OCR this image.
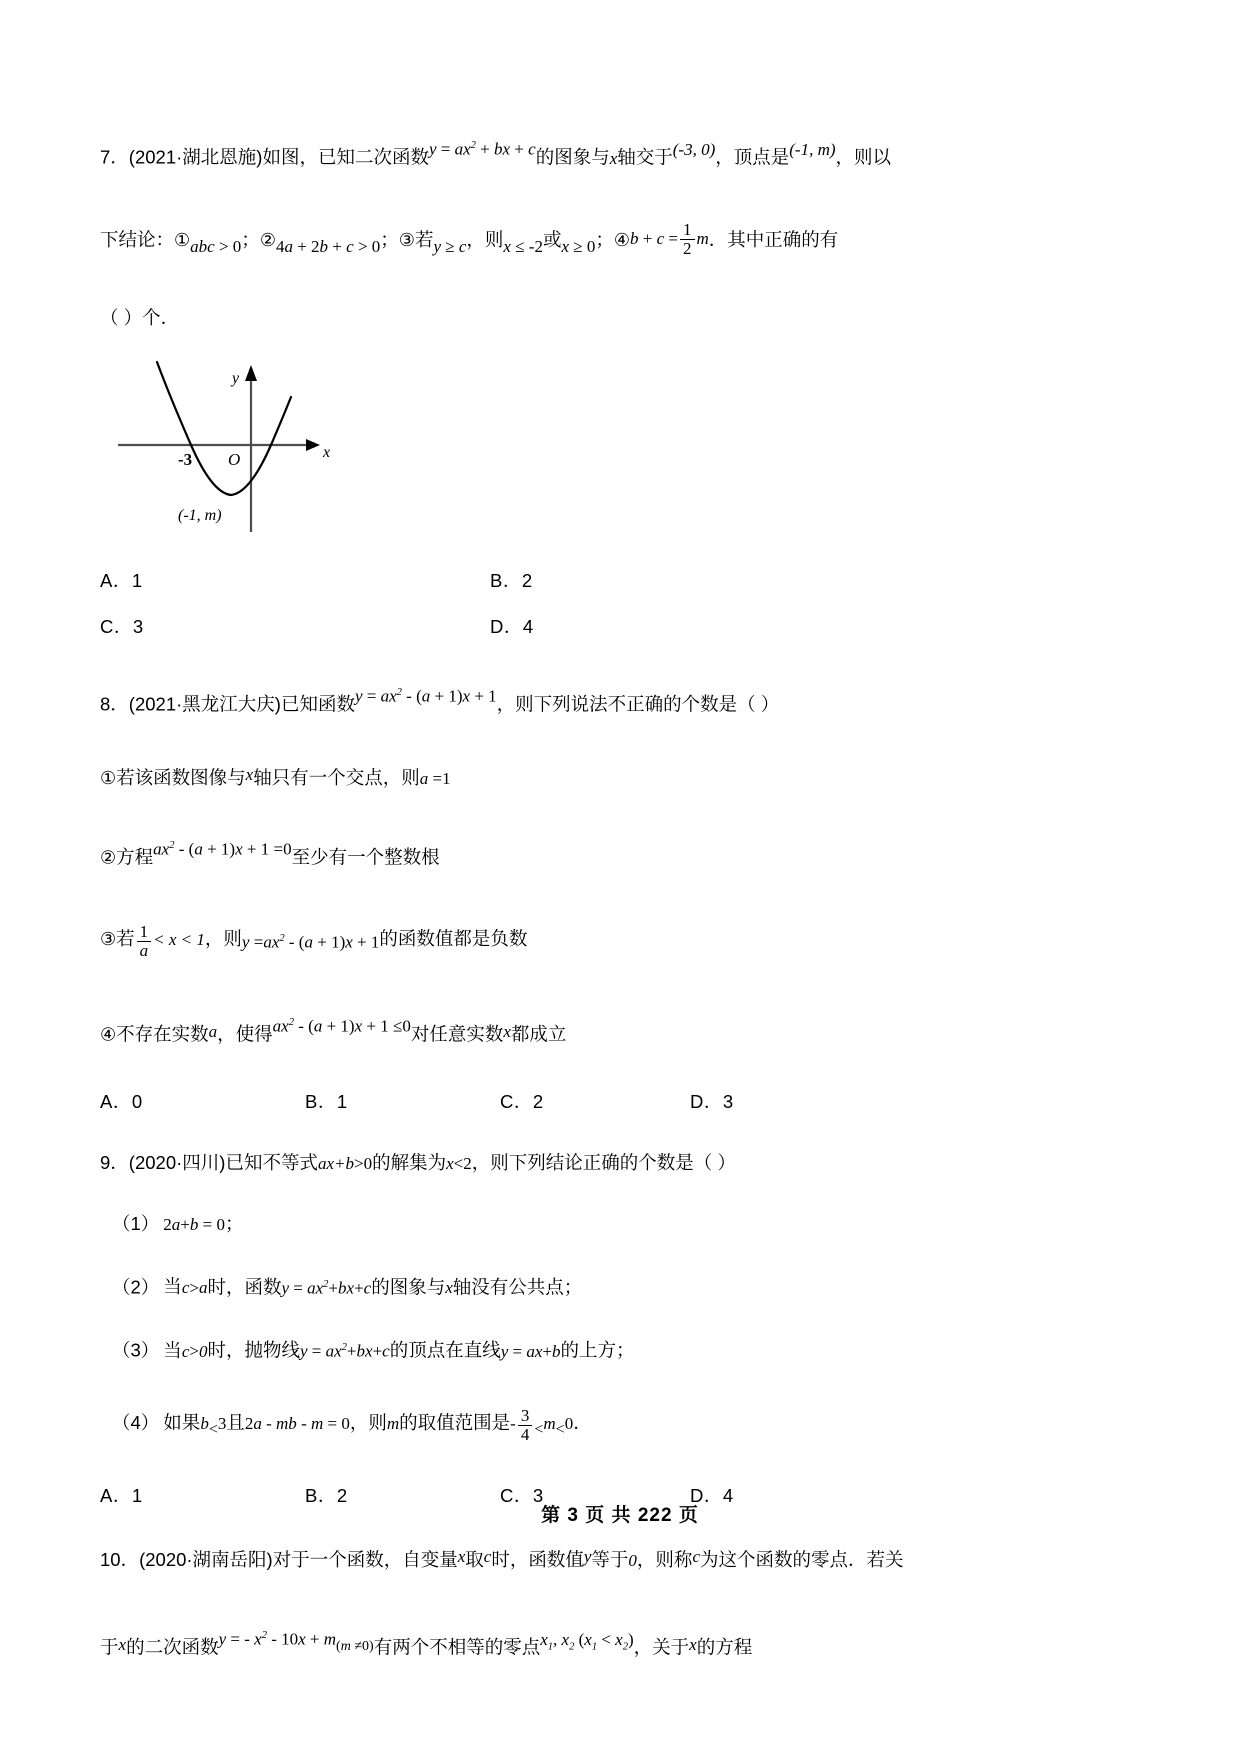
7．(2021·湖北恩施)如图，已知二次函数$y = ax^2$ + bx + c的图象与x轴交于(-3, 0)，顶点是(-1, m)，则以
下结论：①abc > 0；②4a + 2b + c > 0；③若y ≥ c，则x ≤ -2或x ≥ 0；④b + $c = \frac{1}{2}$ m．其中正确的有
（ ）个．
-3 O
y
x
(-1, m)
A．1	B．2
C．3	D．4
8．(2021·黑龙江大庆)已知函数$y = ax^2 - (a + 1)x + 1$，则下列说法不正确的个数是（ ）
①若该函数图像与x轴只有一个交点，则a =1
②方程$ax^2 - (a + 1)x + 1 =0$至少有一个整数根
③若 $\frac{1}{a} < x < 1$，则$y =ax^2 - (a + 1)x + 1$的函数值都是负数
④不存在实数a，使得$ax^2 - (a + 1)x + 1 \le 0$对任意实数x都成立
A．0	B．1	C．2	D．3
9．(2020·四川)已知不等式ax+b>0的解集为x<2，则下列结论正确的个数是（ ）
（1） 2a+b = 0；
（2） 当c>a时，函数$y = ax^2+bx+c$的图象与x轴没有公共点；
（3） 当c>0时，抛物线$y = ax^2+bx+c$的顶点在直线y = ax+b的上方；
（4） 如果b<3且2a - mb - m = 0，则m的取值范围是- $\frac{3}{4} <m<0$．
A．1	B．2	C．3	D．4
10．(2020·湖南岳阳)对于一个函数，自变量x取c时，函数值y等于0，则称c为这个函数的零点．若关
于x的二次函数y = - $x^2 - 10x + m(m \ne 0)$有两个不相等的零点$x_1$, $x_2$ $(x_1 < x_2)$，关于x的方程
第 3 页 共 222 页
